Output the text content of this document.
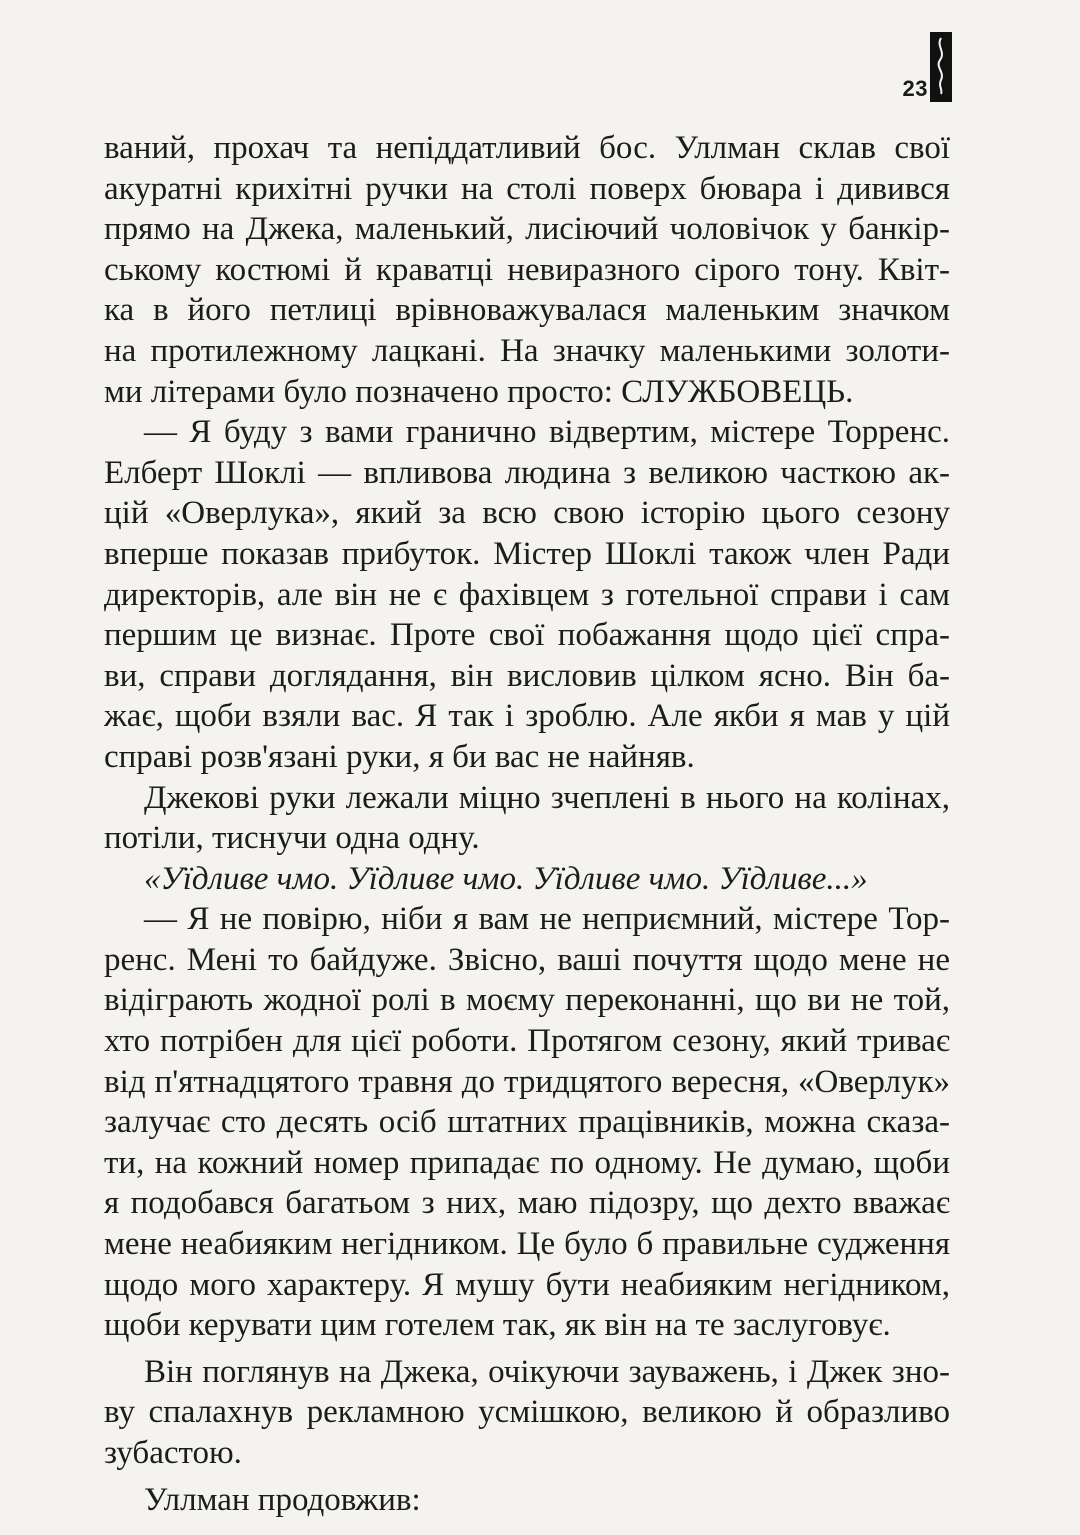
23
ваний, прохач та непіддатливий бос. Уллман склав свої
акуратні крихітні ручки на столі поверх бювара і дивився
прямо на Джека, маленький, лисіючий чоловічок у банкір-
ському костюмі й краватці невиразного сірого тону. Квіт-
ка в його петлиці врівноважувалася маленьким значком
на протилежному лацкані. На значку маленькими золоти-
ми літерами було позначено просто: СЛУЖБОВЕЦЬ.
— Я буду з вами гранично відвертим, містере Торренс.
Елберт Шоклі — впливова людина з великою часткою ак-
цій «Оверлука», який за всю свою історію цього сезону
вперше показав прибуток. Містер Шоклі також член Ради
директорів, але він не є фахівцем з готельної справи і сам
першим це визнає. Проте свої побажання щодо цієї спра-
ви, справи доглядання, він висловив цілком ясно. Він ба-
жає, щоби взяли вас. Я так і зроблю. Але якби я мав у цій
справі розв'язані руки, я би вас не найняв.
Джекові руки лежали міцно зчеплені в нього на колінах,
потіли, тиснучи одна одну.
«Уїдливе чмо. Уїдливе чмо. Уїдливе чмо. Уїдливе...»
— Я не повірю, ніби я вам не неприємний, містере Тор-
ренс. Мені то байдуже. Звісно, ваші почуття щодо мене не
відіграють жодної ролі в моєму переконанні, що ви не той,
хто потрібен для цієї роботи. Протягом сезону, який триває
від п'ятнадцятого травня до тридцятого вересня, «Оверлук»
залучає сто десять осіб штатних працівників, можна сказа-
ти, на кожний номер припадає по одному. Не думаю, щоби
я подобався багатьом з них, маю підозру, що дехто вважає
мене неабияким негідником. Це було б правильне судження
щодо мого характеру. Я мушу бути неабияким негідником,
щоби керувати цим готелем так, як він на те заслуговує.
Він поглянув на Джека, очікуючи зауважень, і Джек зно-
ву спалахнув рекламною усмішкою, великою й образливо
зубастою.
Уллман продовжив:
